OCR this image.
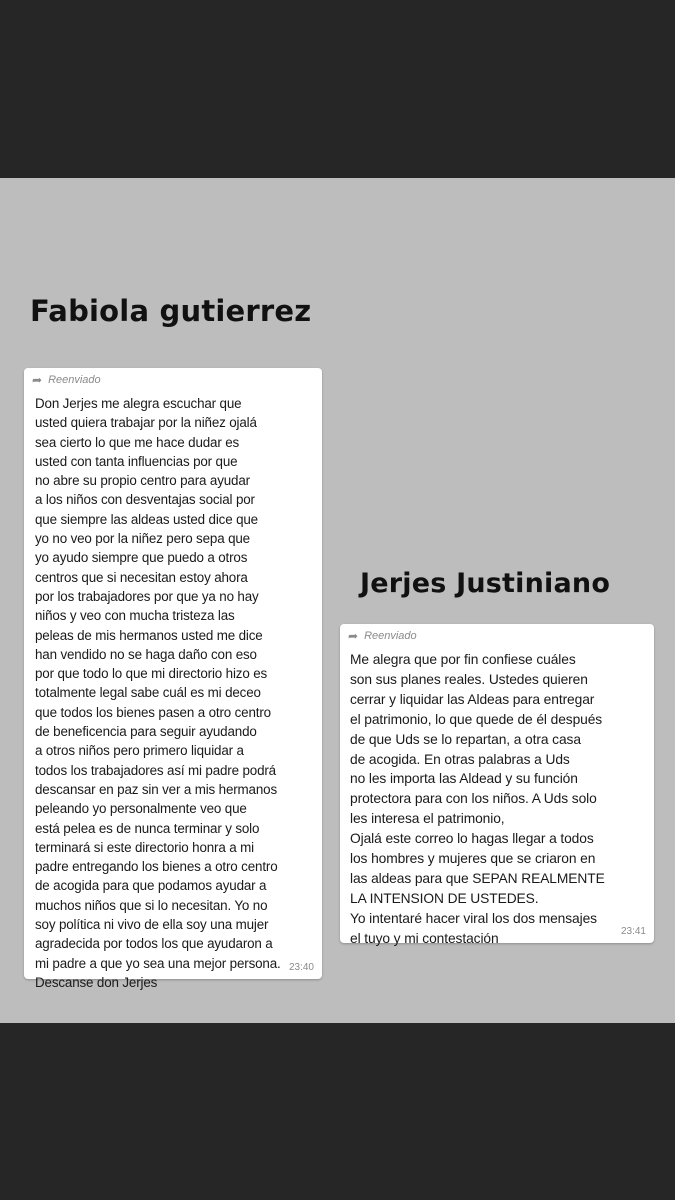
Fabiola gutierrez
➦ Reenviado

Don Jerjes me alegra escuchar que
usted quiera trabajar por la niñez ojalá
sea cierto lo que me hace dudar es
usted con tanta influencias por que
no abre su propio centro para ayudar
a los niños con desventajas social por
que siempre las aldeas usted dice que
yo no veo por la niñez pero sepa que
yo ayudo siempre que puedo a otros
centros que si necesitan estoy ahora
por los trabajadores por que ya no hay
niños y veo con mucha tristeza las
peleas de mis hermanos usted me dice
han vendido no se haga daño con eso
por que todo lo que mi directorio hizo es
totalmente legal sabe cuál es mi deceo
que todos los bienes pasen a otro centro
de beneficencia para seguir ayudando
a otros niños pero primero liquidar a
todos los trabajadores así mi padre podrá
descansar en paz sin ver a mis hermanos
peleando yo personalmente veo que
está pelea es de nunca terminar y solo
terminará si este directorio honra a mi
padre entregando los bienes a otro centro
de acogida para que podamos ayudar a
muchos niños que si lo necesitan. Yo no
soy política ni vivo de ella soy una mujer
agradecida por todos los que ayudaron a
mi padre a que yo sea una mejor persona.
Descanse don Jerjes

23:40
Jerjes Justiniano
➦ Reenviado

Me alegra que por fin confiese cuáles
son sus planes reales. Ustedes quieren
cerrar y liquidar las Aldeas para entregar
el patrimonio, lo que quede de él después
de que Uds se lo repartan, a otra casa
de acogida. En otras palabras a Uds
no les importa las Aldead y su función
protectora para con los niños. A Uds solo
les interesa el patrimonio,
Ojalá este correo lo hagas llegar a todos
los hombres y mujeres que se criaron en
las aldeas para que SEPAN REALMENTE
LA INTENSION DE USTEDES.
Yo intentaré hacer viral los dos mensajes
el tuyo y mi contestación	23:41
